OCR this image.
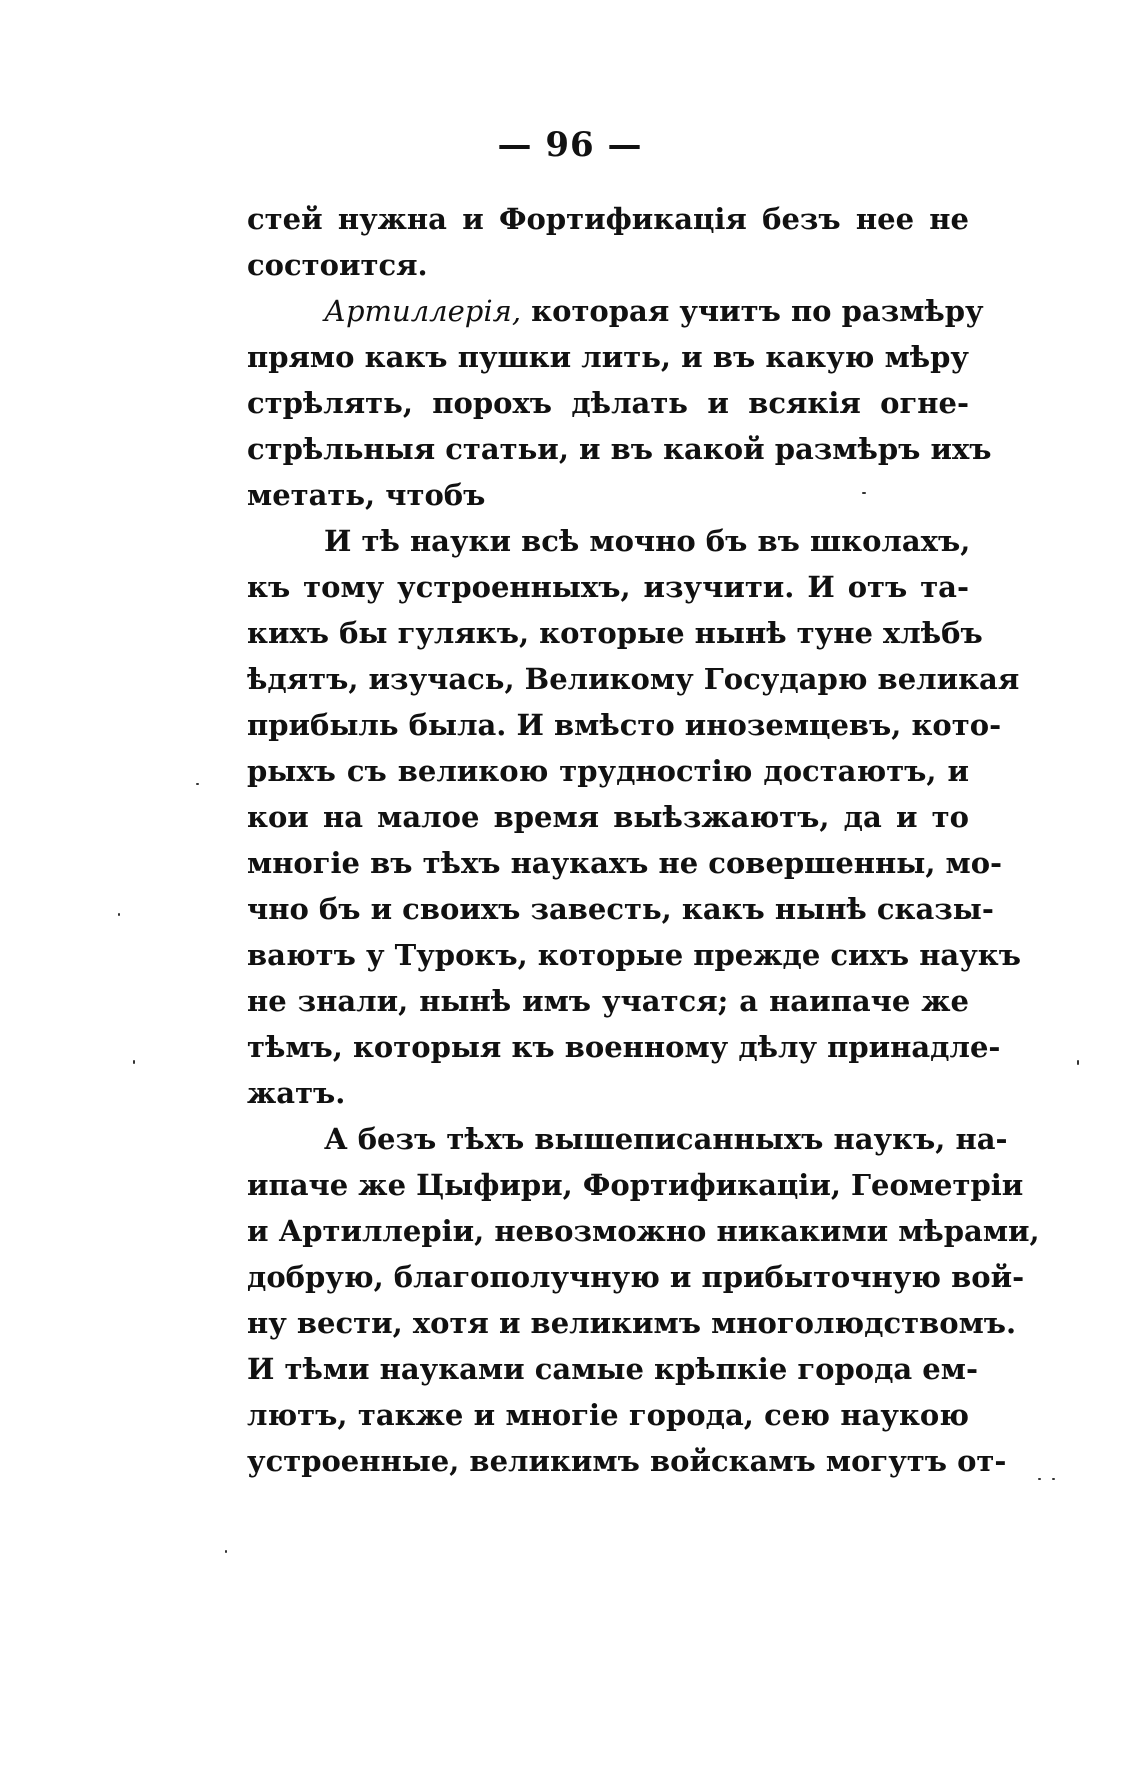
— 96 —
стей нужна и Фортификація безъ нее не
состоится.
Артиллерія, которая учитъ по размѣру
прямо какъ пушки лить, и въ какую мѣру
стрѣлять, порохъ дѣлать и всякія огне-
стрѣльныя статьи, и въ какой размѣръ ихъ
метать, чтобъ
И тѣ науки всѣ мочно бъ въ школахъ,
къ тому устроенныхъ, изучити. И отъ та-
кихъ бы гулякъ, которые нынѣ туне хлѣбъ
ѣдятъ, изучась, Великому Государю великая
прибыль была. И вмѣсто иноземцевъ, кото-
рыхъ съ великою трудностію достаютъ, и
кои на малое время выѣзжаютъ, да и то
многіе въ тѣхъ наукахъ не совершенны, мо-
чно бъ и своихъ завесть, какъ нынѣ сказы-
ваютъ у Турокъ, которые прежде сихъ наукъ
не знали, нынѣ имъ учатся; а наипаче же
тѣмъ, которыя къ военному дѣлу принадле-
жатъ.
А безъ тѣхъ вышеписанныхъ наукъ, на-
ипаче же Цыфири, Фортификаціи, Геометріи
и Артиллеріи, невозможно никакими мѣрами,
добрую, благополучную и прибыточную вой-
ну вести, хотя и великимъ многолюдствомъ.
И тѣми науками самые крѣпкіе города ем-
лютъ, также и многіе города, сею наукою
устроенные, великимъ войскамъ могутъ от-
